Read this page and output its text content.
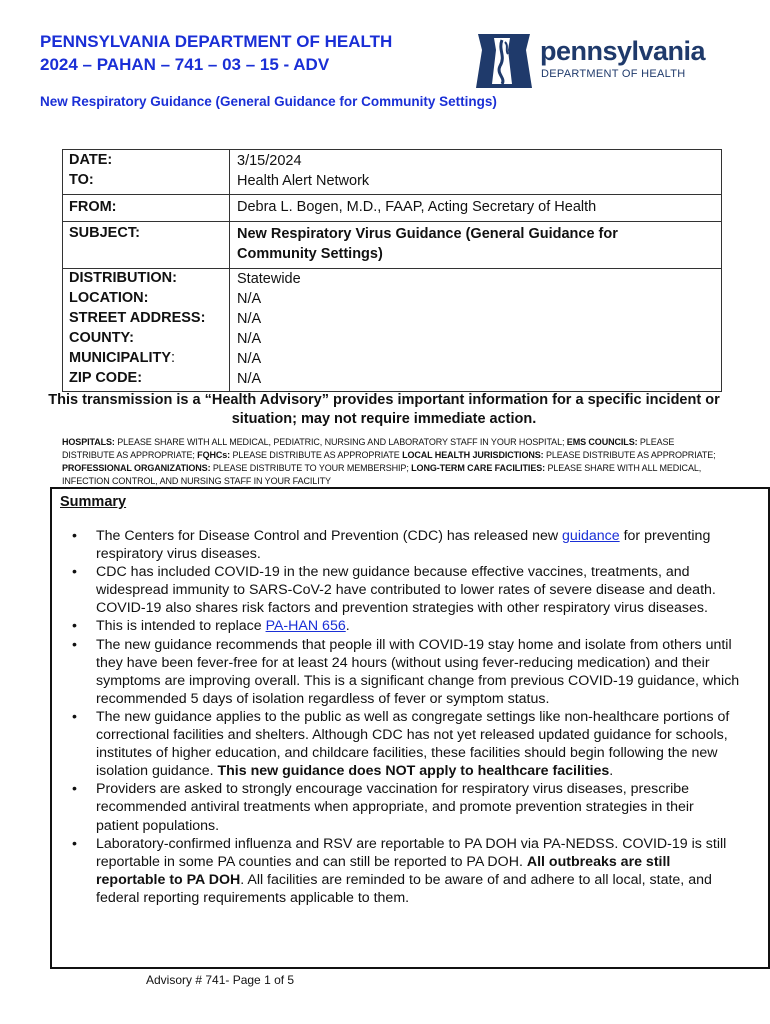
PENNSYLVANIA DEPARTMENT OF HEALTH
2024 – PAHAN – 741 – 03 – 15 - ADV	pennsylvania
DEPARTMENT OF HEALTH
New Respiratory Guidance (General Guidance for Community Settings)
DATE:	3/15/2024
TO:	Health Alert Network
FROM:	Debra L. Bogen, M.D., FAAP, Acting Secretary of Health
SUBJECT:	New Respiratory Virus Guidance (General Guidance for Community Settings)
DISTRIBUTION:	Statewide
LOCATION:	N/A
STREET ADDRESS: N/A
COUNTY:	N/A
MUNICIPALITY:	N/A
ZIP CODE:	N/A
This transmission is a “Health Advisory” provides important information for a specific incident or situation; may not require immediate action.
HOSPITALS: PLEASE SHARE WITH ALL MEDICAL, PEDIATRIC, NURSING AND LABORATORY STAFF IN YOUR HOSPITAL; EMS COUNCILS: PLEASE DISTRIBUTE AS APPROPRIATE; FQHCs: PLEASE DISTRIBUTE AS APPROPRIATE LOCAL HEALTH JURISDICTIONS: PLEASE DISTRIBUTE AS APPROPRIATE; PROFESSIONAL ORGANIZATIONS: PLEASE DISTRIBUTE TO YOUR MEMBERSHIP; LONG-TERM CARE FACILITIES: PLEASE SHARE WITH ALL MEDICAL, INFECTION CONTROL, AND NURSING STAFF IN YOUR FACILITY
Summary
• The Centers for Disease Control and Prevention (CDC) has released new guidance for preventing respiratory virus diseases.
• CDC has included COVID-19 in the new guidance because effective vaccines, treatments, and widespread immunity to SARS-CoV-2 have contributed to lower rates of severe disease and death. COVID-19 also shares risk factors and prevention strategies with other respiratory virus diseases.
• This is intended to replace PA-HAN 656.
• The new guidance recommends that people ill with COVID-19 stay home and isolate from others until they have been fever-free for at least 24 hours (without using fever-reducing medication) and their symptoms are improving overall. This is a significant change from previous COVID-19 guidance, which recommended 5 days of isolation regardless of fever or symptom status.
• The new guidance applies to the public as well as congregate settings like non-healthcare portions of correctional facilities and shelters. Although CDC has not yet released updated guidance for schools, institutes of higher education, and childcare facilities, these facilities should begin following the new isolation guidance. This new guidance does NOT apply to healthcare facilities.
• Providers are asked to strongly encourage vaccination for respiratory virus diseases, prescribe recommended antiviral treatments when appropriate, and promote prevention strategies in their patient populations.
• Laboratory-confirmed influenza and RSV are reportable to PA DOH via PA-NEDSS. COVID-19 is still reportable in some PA counties and can still be reported to PA DOH. All outbreaks are still reportable to PA DOH. All facilities are reminded to be aware of and adhere to all local, state, and federal reporting requirements applicable to them.
Advisory # 741- Page 1 of 5
